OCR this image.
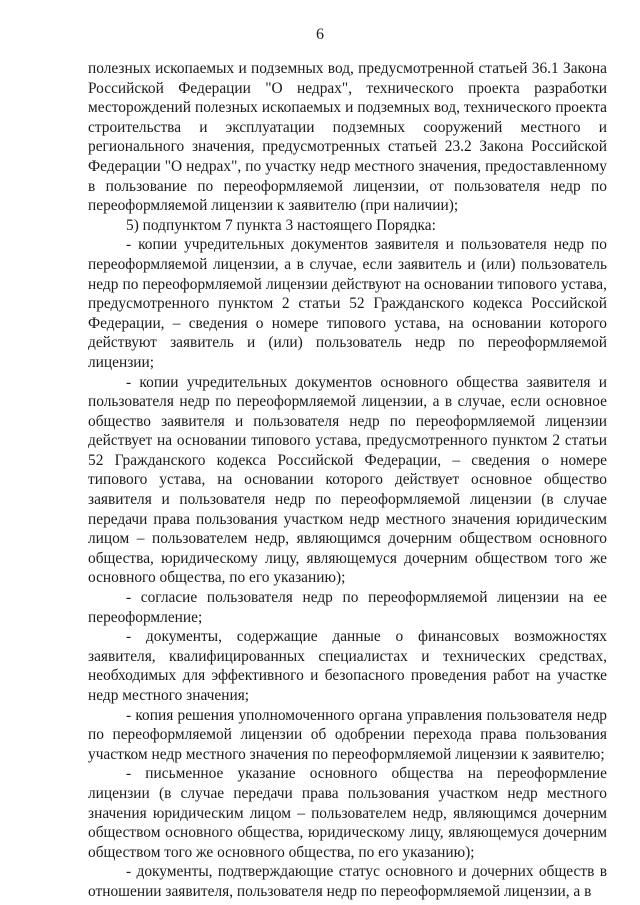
6

полезных ископаемых и подземных вод, предусмотренной статьей 36.1 Закона Российской Федерации "О недрах", технического проекта разработки месторождений полезных ископаемых и подземных вод, технического проекта строительства и эксплуатации подземных сооружений местного и регионального значения, предусмотренных статьей 23.2 Закона Российской Федерации "О недрах", по участку недр местного значения, предоставленному в пользование по переоформляемой лицензии, от пользователя недр по переоформляемой лицензии к заявителю (при наличии);

5) подпунктом 7 пункта 3 настоящего Порядка:

- копии учредительных документов заявителя и пользователя недр по переоформляемой лицензии, а в случае, если заявитель и (или) пользователь недр по переоформляемой лицензии действуют на основании типового устава, предусмотренного пунктом 2 статьи 52 Гражданского кодекса Российской Федерации, – сведения о номере типового устава, на основании которого действуют заявитель и (или) пользователь недр по переоформляемой лицензии;

- копии учредительных документов основного общества заявителя и пользователя недр по переоформляемой лицензии, а в случае, если основное общество заявителя и пользователя недр по переоформляемой лицензии действует на основании типового устава, предусмотренного пунктом 2 статьи 52 Гражданского кодекса Российской Федерации, – сведения о номере типового устава, на основании которого действует основное общество заявителя и пользователя недр по переоформляемой лицензии (в случае передачи права пользования участком недр местного значения юридическим лицом – пользователем недр, являющимся дочерним обществом основного общества, юридическому лицу, являющемуся дочерним обществом того же основного общества, по его указанию);

- согласие пользователя недр по переоформляемой лицензии на ее переоформление;

- документы, содержащие данные о финансовых возможностях заявителя, квалифицированных специалистах и технических средствах, необходимых для эффективного и безопасного проведения работ на участке недр местного значения;

- копия решения уполномоченного органа управления пользователя недр по переоформляемой лицензии об одобрении перехода права пользования участком недр местного значения по переоформляемой лицензии к заявителю;

- письменное указание основного общества на переоформление лицензии (в случае передачи права пользования участком недр местного значения юридическим лицом – пользователем недр, являющимся дочерним обществом основного общества, юридическому лицу, являющемуся дочерним обществом того же основного общества, по его указанию);

- документы, подтверждающие статус основного и дочерних обществ в отношении заявителя, пользователя недр по переоформляемой лицензии, а в
